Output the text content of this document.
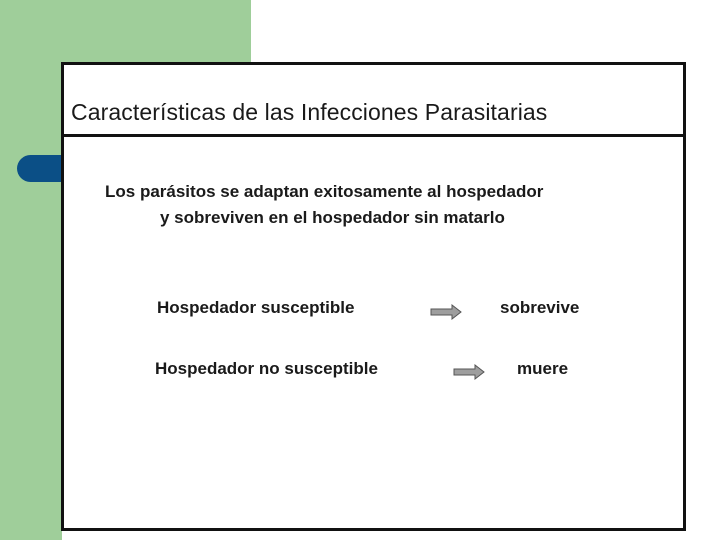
Características de las Infecciones Parasitarias
Los parásitos se adaptan exitosamente al hospedador
y sobreviven en el hospedador sin matarlo
Hospedador susceptible	sobrevive
Hospedador no susceptible	muere
